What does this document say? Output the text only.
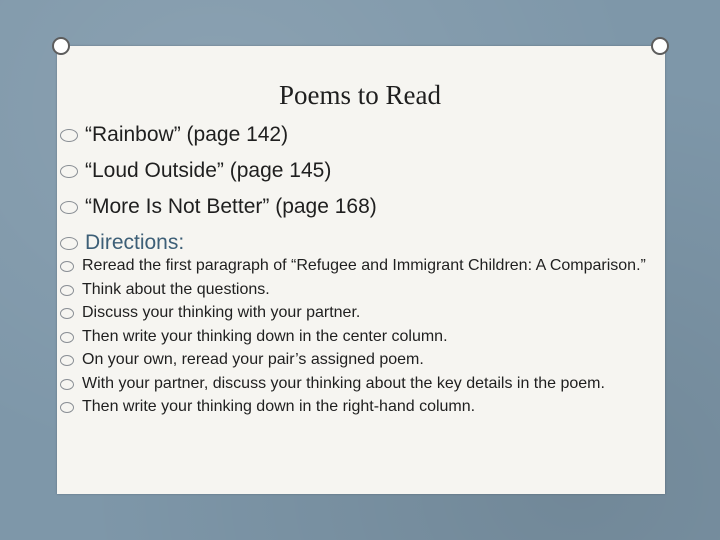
Poems to Read
“Rainbow” (page 142)
“Loud Outside” (page 145)
“More Is Not Better” (page 168)
Directions:
Reread the first paragraph of “Refugee and Immigrant Children: A Comparison.”
Think about the questions.
Discuss your thinking with your partner.
Then write your thinking down in the center column.
On your own, reread your pair’s assigned poem.
With your partner, discuss your thinking about the key details in the poem.
Then write your thinking down in the right-hand column.
